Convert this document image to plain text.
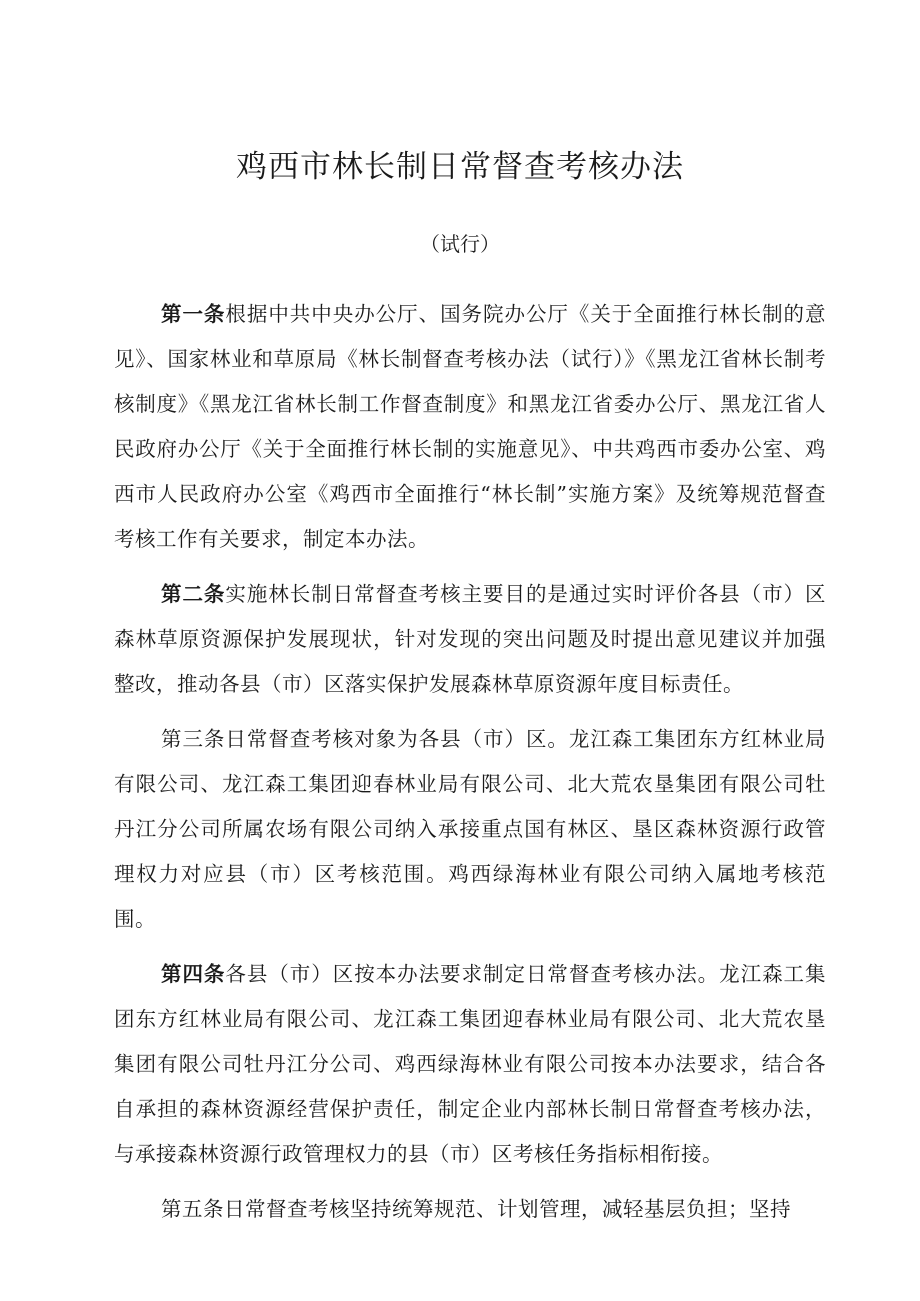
鸡西市林长制日常督查考核办法

（试行）

第一条根据中共中央办公厅、国务院办公厅《关于全面推行林长制的意见》、国家林业和草原局《林长制督查考核办法（试行）》《黑龙江省林长制考核制度》《黑龙江省林长制工作督查制度》和黑龙江省委办公厅、黑龙江省人民政府办公厅《关于全面推行林长制的实施意见》、中共鸡西市委办公室、鸡西市人民政府办公室《鸡西市全面推行“林长制”实施方案》及统筹规范督查考核工作有关要求，制定本办法。

第二条实施林长制日常督查考核主要目的是通过实时评价各县（市）区森林草原资源保护发展现状，针对发现的突出问题及时提出意见建议并加强整改，推动各县（市）区落实保护发展森林草原资源年度目标责任。

第三条日常督查考核对象为各县（市）区。龙江森工集团东方红林业局有限公司、龙江森工集团迎春林业局有限公司、北大荒农垦集团有限公司牡丹江分公司所属农场有限公司纳入承接重点国有林区、垦区森林资源行政管理权力对应县（市）区考核范围。鸡西绿海林业有限公司纳入属地考核范围。

第四条各县（市）区按本办法要求制定日常督查考核办法。龙江森工集团东方红林业局有限公司、龙江森工集团迎春林业局有限公司、北大荒农垦集团有限公司牡丹江分公司、鸡西绿海林业有限公司按本办法要求，结合各自承担的森林资源经营保护责任，制定企业内部林长制日常督查考核办法，与承接森林资源行政管理权力的县（市）区考核任务指标相衔接。

第五条日常督查考核坚持统筹规范、计划管理，减轻基层负担；坚持
